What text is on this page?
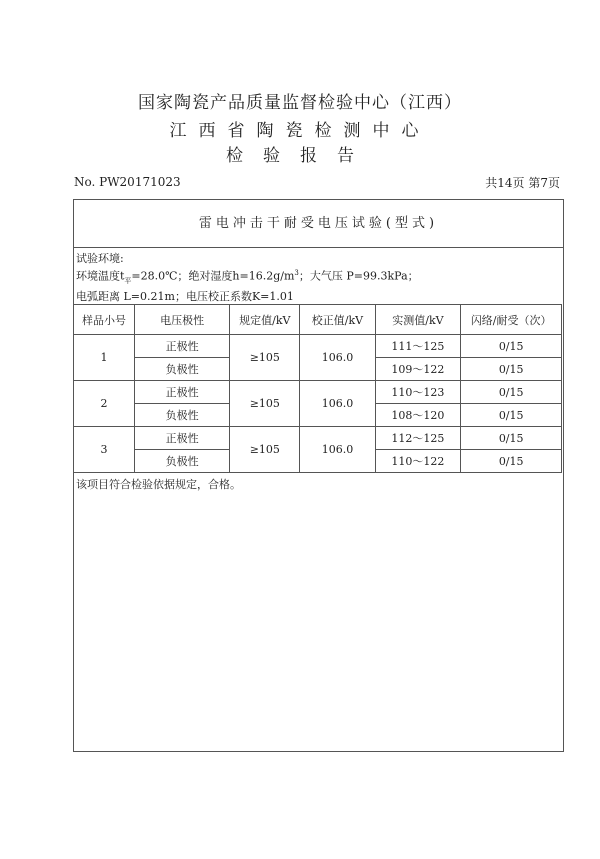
国家陶瓷产品质量监督检验中心（江西）
江西省陶瓷检测中心
检验报告
No. PW20171023	共14页 第7页
雷电冲击干耐受电压试验(型式)
试验环境:
环境温度$t_平=28.0℃$；绝对湿度$h=16.2g/m^3$；大气压 P=99.3kPa；
电弧距离 L=0.21m；电压校正系数K=1.01
样品小号	电压极性	规定值/kV	校正值/kV	实测值/kV	闪络/耐受（次）
1	正极性	≥105	106.0	111～125	0/15
	负极性			109～122	0/15
2	正极性	≥105	106.0	110～123	0/15
	负极性			108～120	0/15
3	正极性	≥105	106.0	112～125	0/15
	负极性			110～122	0/15
该项目符合检验依据规定，合格。
